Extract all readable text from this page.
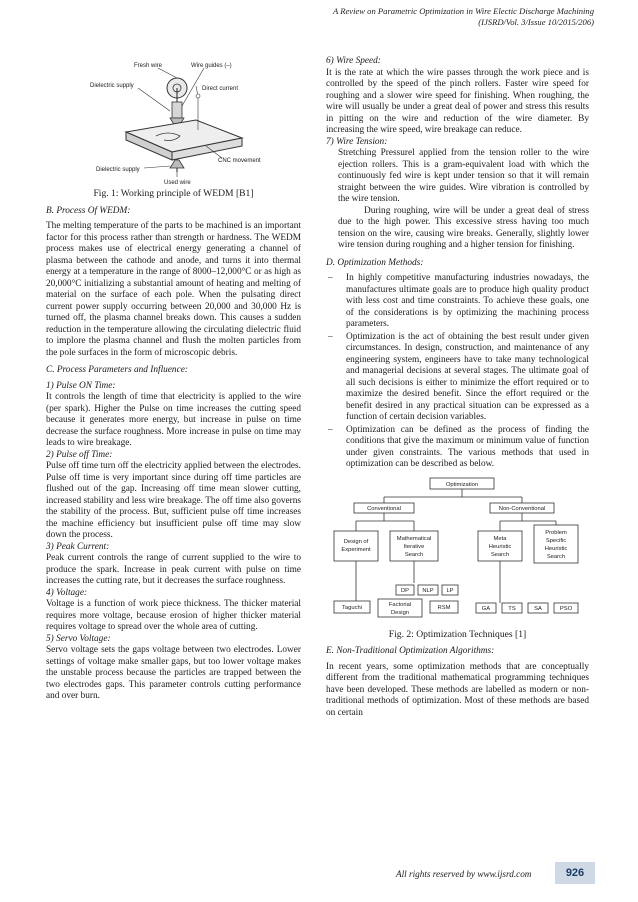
A Review on Parametric Optimization in Wire Electic Discharge Machining
(IJSRD/Vol. 3/Issue 10/2015/206)
Fresh wire	Wire guides (–)
Dielectric supply	Direct current
CNC movement
Dielectric supply
Used wire
Fig. 1: Working principle of WEDM [B1]
B. Process Of WEDM:
The melting temperature of the parts to be machined is an important factor for this process rather than strength or hardness. The WEDM process makes use of electrical energy generating a channel of plasma between the cathode and anode, and turns it into thermal energy at a temperature in the range of 8000–12,000°C or as high as 20,000°C initializing a substantial amount of heating and melting of material on the surface of each pole. When the pulsating direct current power supply occurring between 20,000 and 30,000 Hz is turned off, the plasma channel breaks down. This causes a sudden reduction in the temperature allowing the circulating dielectric fluid to implore the plasma channel and flush the molten particles from the pole surfaces in the form of microscopic debris.
C. Process Parameters and Influence:
1) Pulse ON Time:
It controls the length of time that electricity is applied to the wire (per spark). Higher the Pulse on time increases the cutting speed because it generates more energy, but increase in pulse on time decrease the surface roughness. More increase in pulse on time may leads to wire breakage.
2) Pulse off Time:
Pulse off time turn off the electricity applied between the electrodes. Pulse off time is very important since during off time particles are flushed out of the gap. Increasing off time mean slower cutting, increased stability and less wire breakage. The off time also governs the stability of the process. But, sufficient pulse off time increases the machine efficiency but insufficient pulse off time may slow down the process.
3) Peak Current:
Peak current controls the range of current supplied to the wire to produce the spark. Increase in peak current with pulse on time increases the cutting rate, but it decreases the surface roughness.
4) Voltage:
Voltage is a function of work piece thickness. The thicker material requires more voltage, because erosion of higher thicker material requires voltage to spread over the whole area of cutting.
5) Servo Voltage:
Servo voltage sets the gaps voltage between two electrodes. Lower settings of voltage make smaller gaps, but too lower voltage makes the unstable process because the particles are trapped between the two electrodes gaps. This parameter controls cutting performance and over burn.
6) Wire Speed:
It is the rate at which the wire passes through the work piece and is controlled by the speed of the pinch rollers. Faster wire speed for roughing and a slower wire speed for finishing. When roughing, the wire will usually be under a great deal of power and stress this results in pitting on the wire and reduction of the wire diameter. By increasing the wire speed, wire breakage can reduce.
7) Wire Tension:
Stretching Pressurel applied from the tension roller to the wire ejection rollers. This is a gram-equivalent load with which the continuously fed wire is kept under tension so that it will remain straight between the wire guides. Wire vibration is controlled by the wire tension.
During roughing, wire will be under a great deal of stress due to the high power. This excessive stress having too much tension on the wire, causing wire breaks. Generally, slightly lower wire tension during roughing and a higher tension for finishing.
D. Optimization Methods:
– In highly competitive manufacturing industries nowadays, the manufactures ultimate goals are to produce high quality product with less cost and time constraints. To achieve these goals, one of the considerations is by optimizing the machining process parameters.
– Optimization is the act of obtaining the best result under given circumstances. In design, construction, and maintenance of any engineering system, engineers have to take many technological and managerial decisions at several stages. The ultimate goal of all such decisions is either to minimize the effort required or to maximize the desired benefit. Since the effort required or the benefit desired in any practical situation can be expressed as a function of certain decision variables.
– Optimization can be defined as the process of finding the conditions that give the maximum or minimum value of function under given constraints. The various methods that used in optimization can be described as below.
Optimization
Conventional	Non-Conventional
Design of
Experiment
Mathematical
Iterative
Search
Meta
Heuristic
Search
Problem
Specific
Heuristic
Search
DP NLP LP
Taguchi	Factorial
Design
RSM	GA	TS	SA	PSO
Fig. 2: Optimization Techniques [1]
E. Non-Traditional Optimization Algorithms:
In recent years, some optimization methods that are conceptually different from the traditional mathematical programming techniques have been developed. These methods are labelled as modern or non-traditional methods of optimization. Most of these methods are based on certain
All rights reserved by www.ijsrd.com	926
